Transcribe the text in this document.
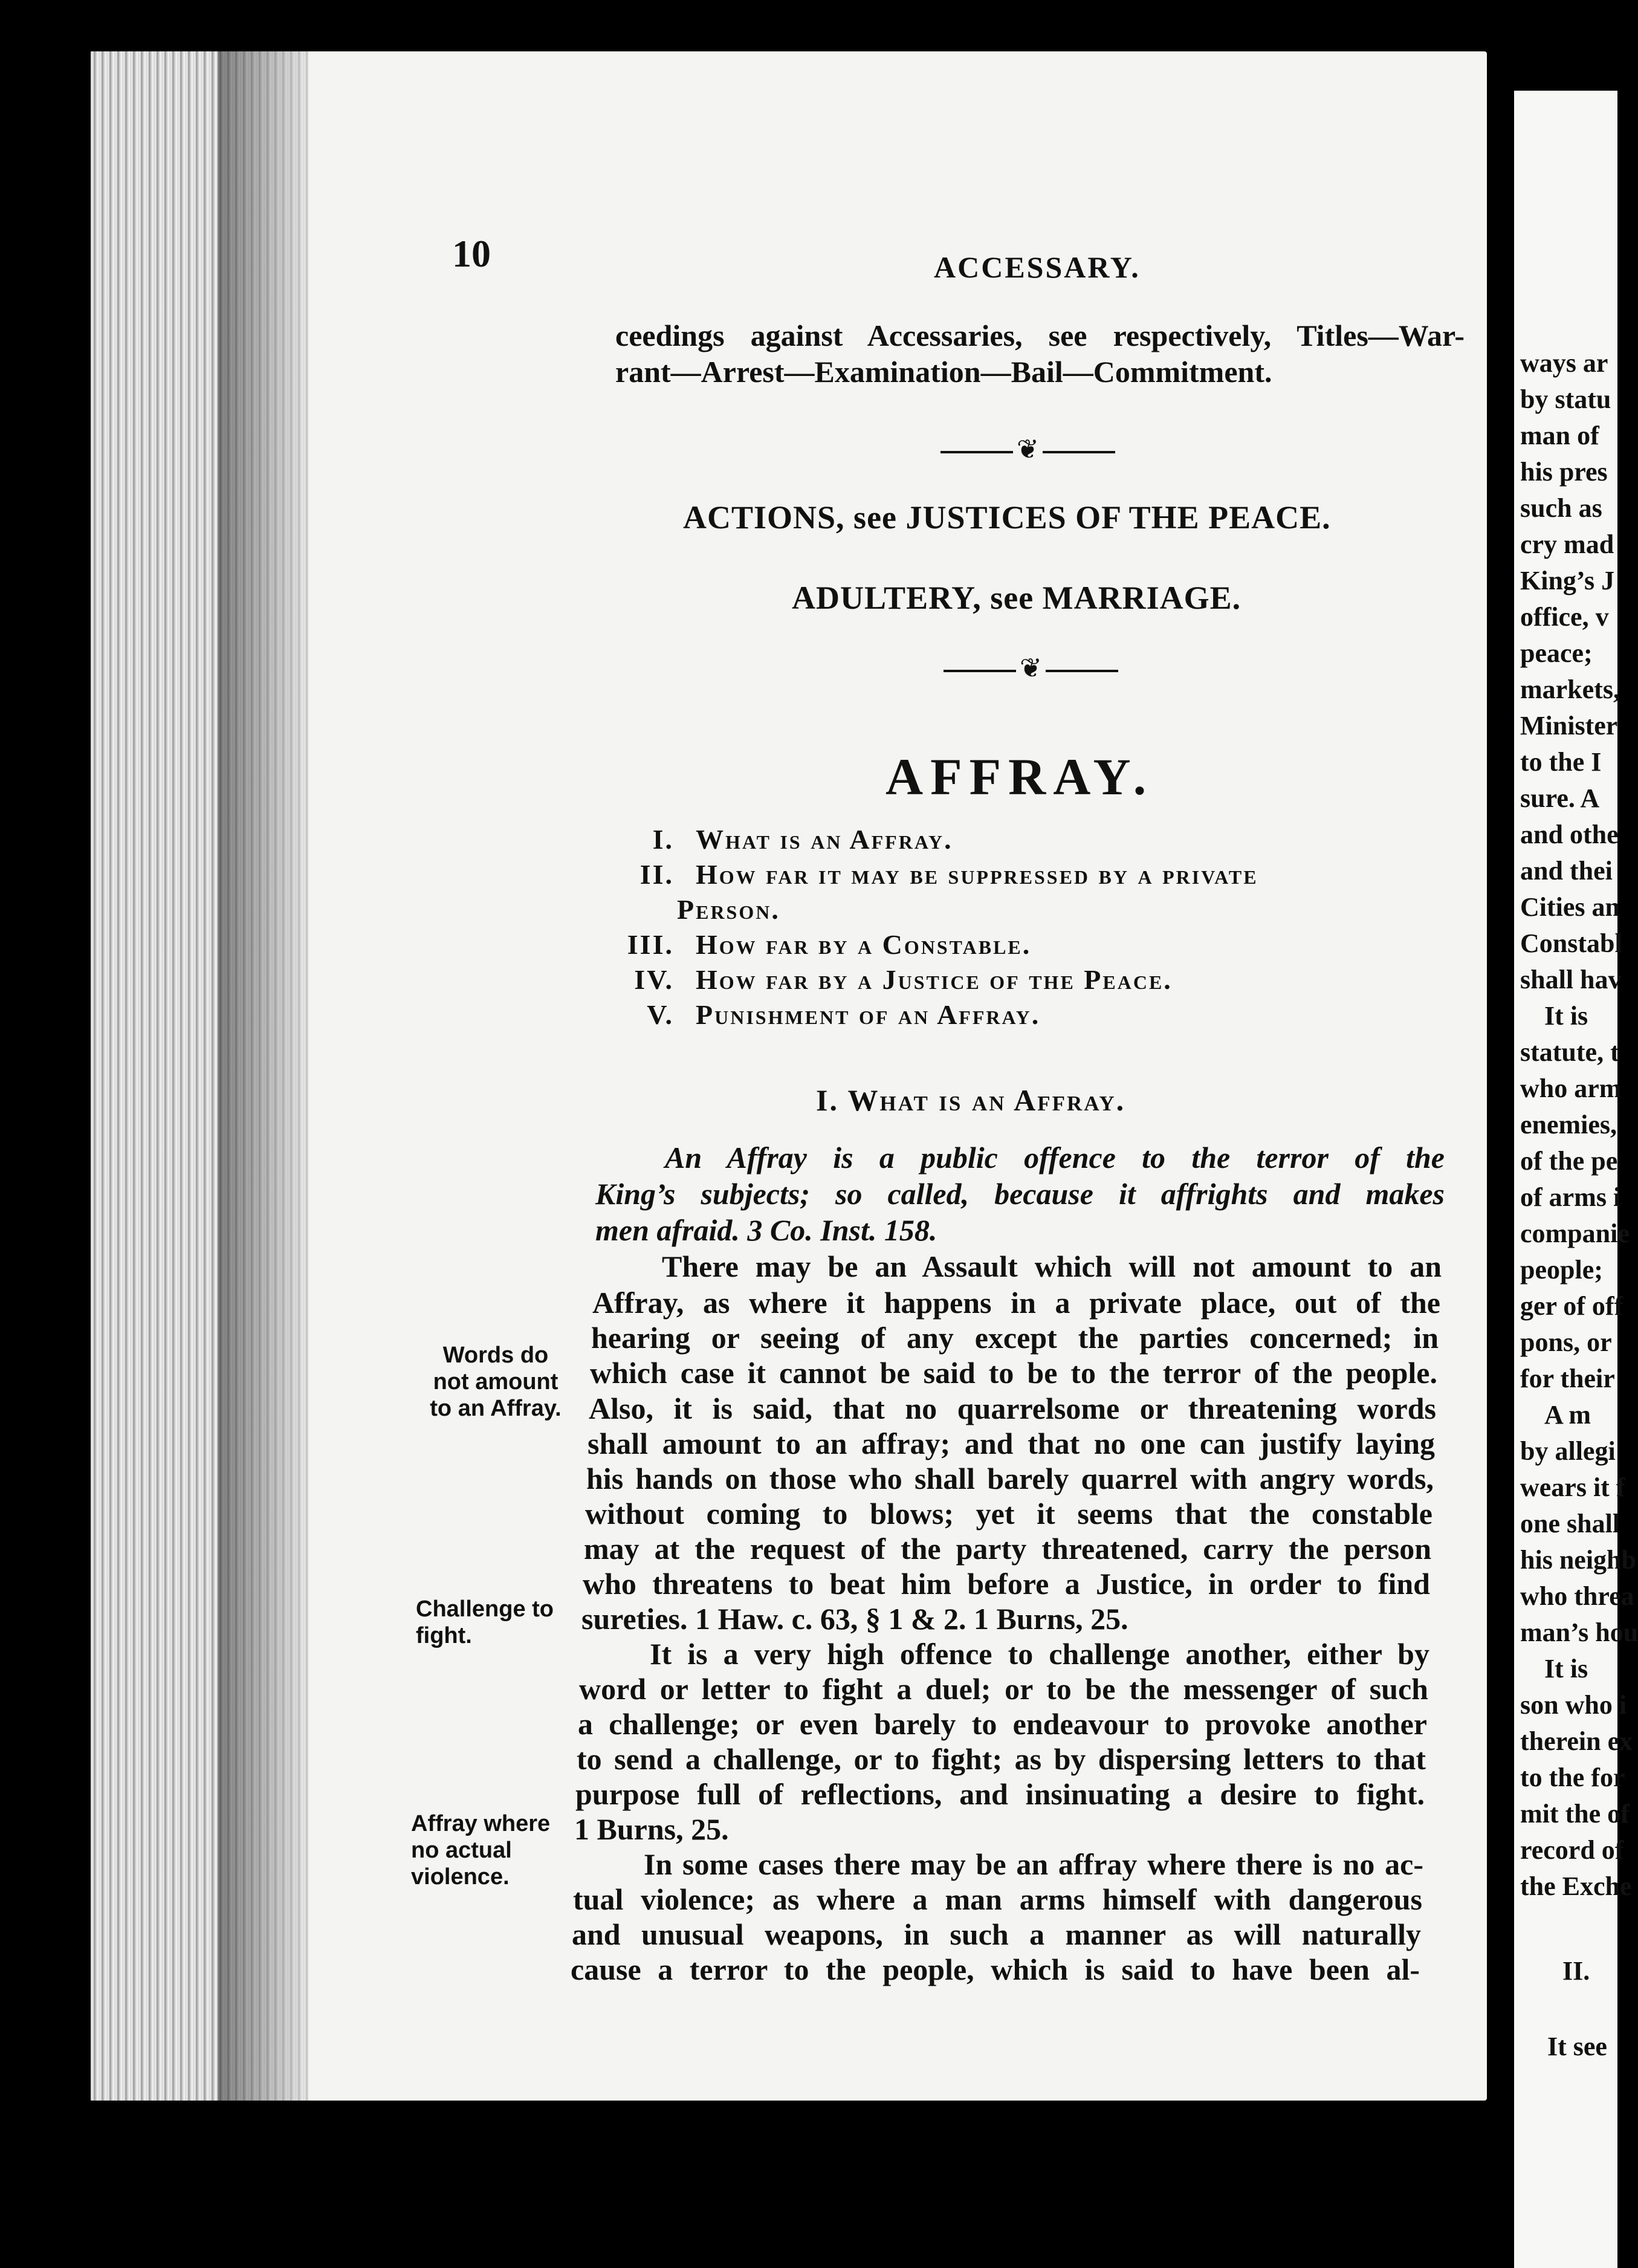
10	ACCESSARY.
ceedings against Accessaries, see respectively, Titles—War-
rant—Arrest—Examination—Bail—Commitment.
❦
ACTIONS, see JUSTICES OF THE PEACE.
ADULTERY, see MARRIAGE.
❦
AFFRAY.
I. What is an Affray.
II. How far it may be suppressed by a private
Person.
III. How far by a Constable.
IV. How far by a Justice of the Peace.
V. Punishment of an Affray.
I. What is an Affray.
An Affray is a public offence to the terror of the
King’s subjects; so called, because it affrights and makes
men afraid. 3 Co. Inst. 158.
There may be an Assault which will not amount to an
Affray, as where it happens in a private place, out of the
hearing or seeing of any except the parties concerned; in
which case it cannot be said to be to the terror of the people.
Also, it is said, that no quarrelsome or threatening words
shall amount to an affray; and that no one can justify laying
his hands on those who shall barely quarrel with angry words,
without coming to blows; yet it seems that the constable
may at the request of the party threatened, carry the person
who threatens to beat him before a Justice, in order to find
sureties. 1 Haw. c. 63, § 1 & 2. 1 Burns, 25.
It is a very high offence to challenge another, either by
word or letter to fight a duel; or to be the messenger of such
a challenge; or even barely to endeavour to provoke another
to send a challenge, or to fight; as by dispersing letters to that
purpose full of reflections, and insinuating a desire to fight.
1 Burns, 25.
In some cases there may be an affray where there is no ac-
tual violence; as where a man arms himself with dangerous
and unusual weapons, in such a manner as will naturally
cause a terror to the people, which is said to have been al-
Words do
not amount
to an Affray.
Challenge to
fight.
Affray where
no actual
violence.
ways ar
by statu
man of
his pres
such as
cry mad
King’s J
office, v
peace;
markets,
Minister
to the I
sure. A
and othe
and thei
Cities an
Constabl
shall hav
It is
statute, t
who arm
enemies,
of the pe
of arms i
companie
people;
ger of off
pons, or
for their
A m
by allegi
wears it f
one shall
his neighb
who threa
man’s hou
It is
son who i
therein ex
to the for
mit the of
record of
the Exche
II.
It see
